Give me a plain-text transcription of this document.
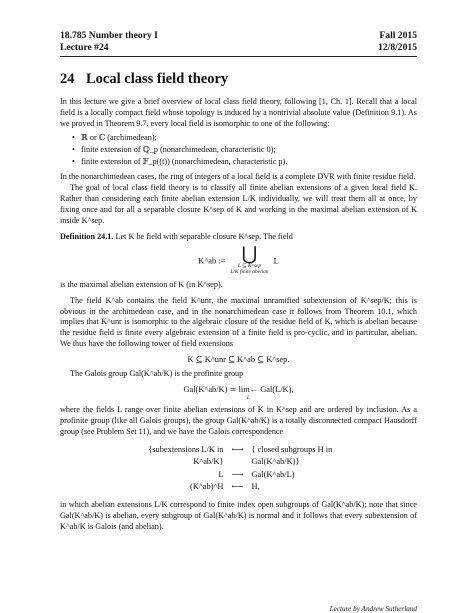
18.785 Number theory I	Fall 2015
Lecture #24	12/8/2015
24 Local class field theory

In this lecture we give a brief overview of local class field theory, following [1, Ch. 1]. Recall that a local field is a locally compact field whose topology is induced by a nontrivial absolute value (Definition 9.1). As we proved in Theorem 9.7, every local field is isomorphic to one of the following:

• ℝ or ℂ (archimedean);
• finite extension of ℚ_p (nonarchimedean, characteristic 0);
• finite extension of 𝔽_p((t)) (nonarchimedean, characteristic p).

In the nonarchimedean cases, the ring of integers of a local field is a complete DVR with finite residue field.

The goal of local class field theory is to classify all finite abelian extensions of a given local field K. Rather than considering each finite abelian extension L/K individually, we will treat them all at once, by fixing once and for all a separable closure K^sep of K and working in the maximal abelian extension of K inside K^sep.

Definition 24.1. Let K be field with separable closure K^sep. The field

K^ab := ⋃
L ⊆ K^sep
L/K finite abelian
L

is the maximal abelian extension of K (in K^sep).

The field K^ab contains the field K^unr, the maximal unramified subextension of K^sep/K; this is obvious in the archimedean case, and in the nonarchimedean case it follows from Theorem 10.1, which implies that K^unr is isomorphic to the algebraic closure of the residue field of K, which is abelian because the residue field is finite every algebraic extension of a finite field is pro-cyclic, and in particular, abelian. We thus have the following tower of field extensions

K ⊆ K^unr ⊆ K^ab ⊆ K^sep.

The Galois group Gal(K^ab/K) is the profinite group

Gal(K^ab/K) ≃ lim←
L
Gal(L/K),

where the fields L range over finite abelian extensions of K in K^sep and are ordered by inclusion. As a profinite group (like all Galois groups), the group Gal(K^ab/K) is a totally disconnected compact Hausdorff group (see Problem Set 11), and we have the Galois correspondence

{subextensions L/K in K^ab/K}
⟷ { closed subgroups H in Gal(K^ab/K)}
L ⟶ Gal(K^ab/L)
(K^ab)^H ⟵ H,

in which abelian extensions L/K correspond to finite index open subgroups of Gal(K^ab/K); note that since Gal(K^ab/K) is abelian, every subgroup of Gal(K^ab/K) is normal and it follows that every subextension of K^ab/K is Galois (and abelian).

Lecture by Andrew Sutherland
